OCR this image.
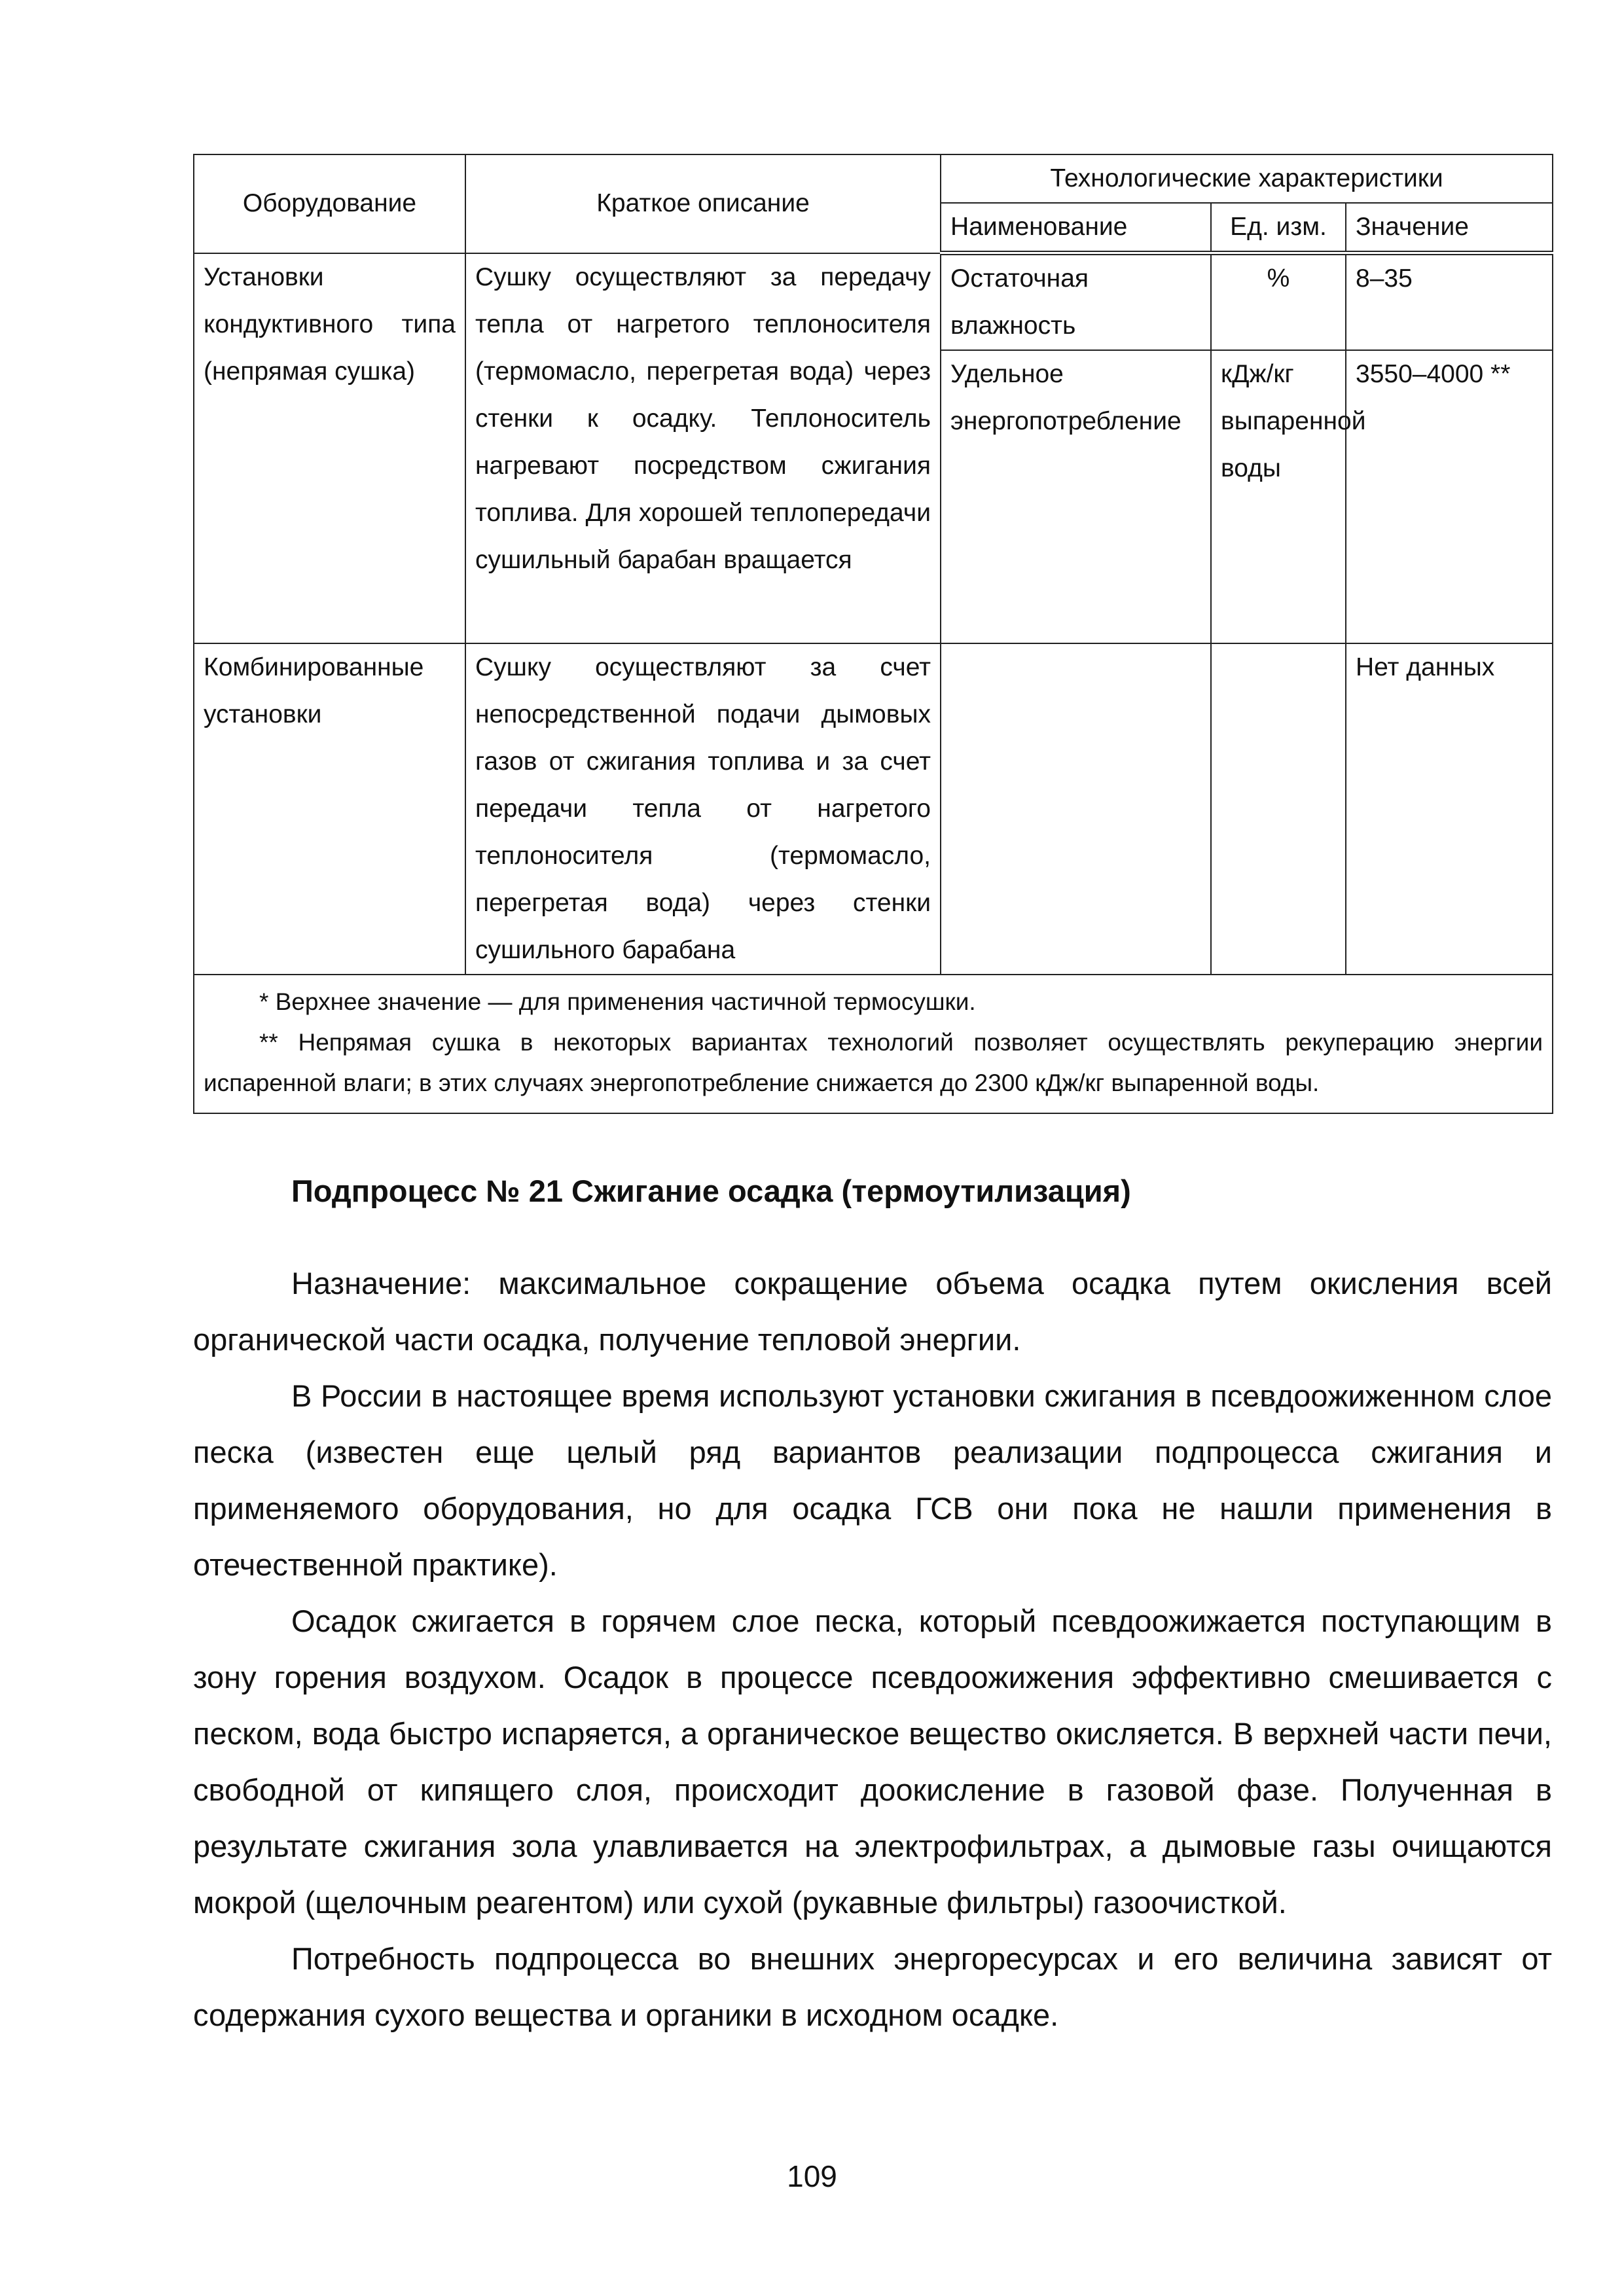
Оборудование	Краткое описание	Технологические характеристики		
		Наименование	Ед. изм.	Значение
Установки кондуктивного типа (непрямая сушка)	Сушку осуществляют за передачу тепла от нагретого теплоносителя (термомасло, перегретая вода) через стенки к осадку. Теплоноситель нагревают посредством сжигания топлива. Для хорошей теплопередачи сушильный барабан вращается	Остаточная влажность	%	8–35
		Удельное энергопотребление	кДж/кг выпаренной воды	3550–4000 **
Комбинированные установки	Сушку осуществляют за счет непосредственной подачи дымовых газов от сжигания топлива и за счет передачи тепла от нагретого теплоносителя (термомасло, перегретая вода) через стенки сушильного барабана			Нет данных

* Верхнее значение — для применения частичной термосушки.
** Непрямая сушка в некоторых вариантах технологий позволяет осуществлять рекуперацию энергии испаренной влаги; в этих случаях энергопотребление снижается до 2300 кДж/кг выпаренной воды.				
Подпроцесс № 21 Сжигание осадка (термоутилизация)

Назначение: максимальное сокращение объема осадка путем окисления всей органической части осадка, получение тепловой энергии.

В России в настоящее время используют установки сжигания в псевдоожиженном слое песка (известен еще целый ряд вариантов реализации подпроцесса сжигания и применяемого оборудования, но для осадка ГСВ они пока не нашли применения в отечественной практике).

Осадок сжигается в горячем слое песка, который псевдоожижается поступающим в зону горения воздухом. Осадок в процессе псевдоожижения эффективно смешивается с песком, вода быстро испаряется, а органическое вещество окисляется. В верхней части печи, свободной от кипящего слоя, происходит доокисление в газовой фазе. Полученная в результате сжигания зола улавливается на электрофильтрах, а дымовые газы очищаются мокрой (щелочным реагентом) или сухой (рукавные фильтры) газоочисткой.

Потребность подпроцесса во внешних энергоресурсах и его величина зависят от содержания сухого вещества и органики в исходном осадке.

109
